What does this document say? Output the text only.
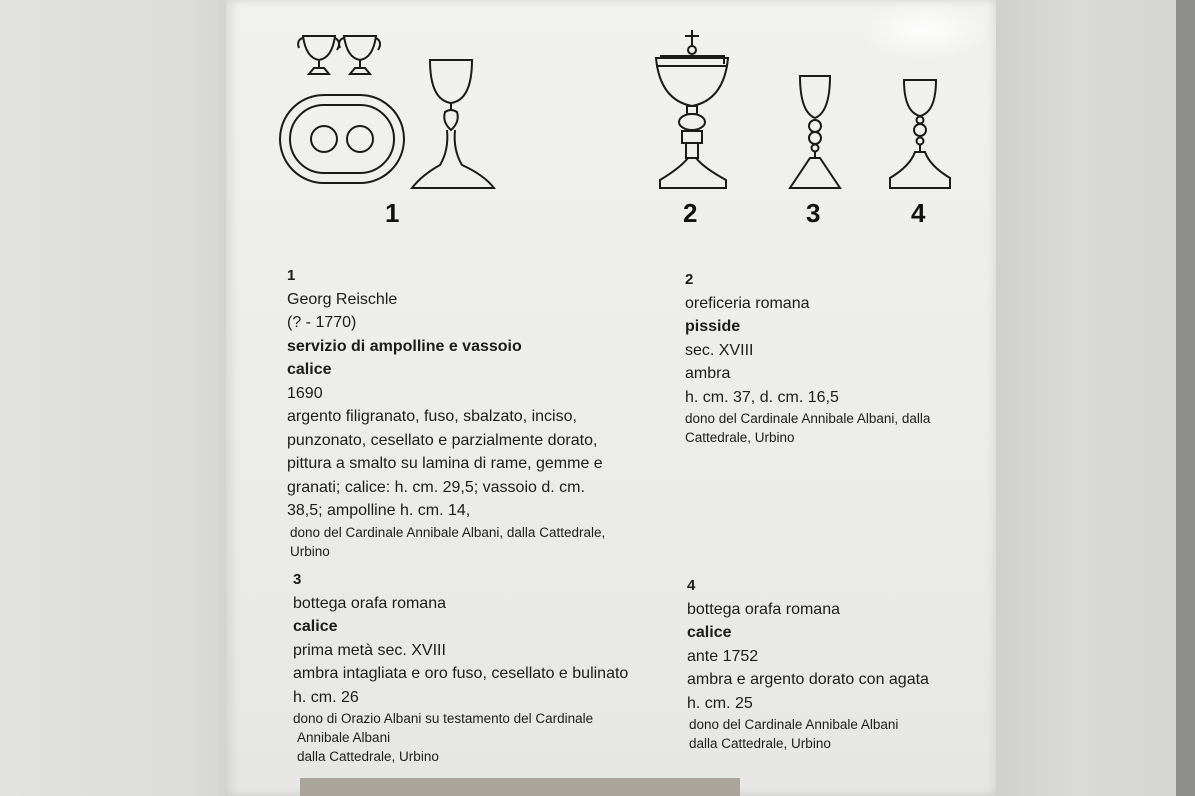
1	2	3	4
1
Georg Reischle
(? - 1770)
servizio di ampolline e vassoio
calice
1690
argento filigranato, fuso, sbalzato, inciso,
punzonato, cesellato e parzialmente dorato,
pittura a smalto su lamina di rame, gemme e
granati; calice: h. cm. 29,5; vassoio d. cm.
38,5; ampolline h. cm. 14,
dono del Cardinale Annibale Albani, dalla Cattedrale,
Urbino
2
oreficeria romana
pisside
sec. XVIII
ambra
h. cm. 37, d. cm. 16,5
dono del Cardinale Annibale Albani, dalla
Cattedrale, Urbino
3
bottega orafa romana
calice
prima metà sec. XVIII
ambra intagliata e oro fuso, cesellato e bulinato
h. cm. 26
dono di Orazio Albani su testamento del Cardinale
Annibale Albani
dalla Cattedrale, Urbino
4
bottega orafa romana
calice
ante 1752
ambra e argento dorato con agata
h. cm. 25
dono del Cardinale Annibale Albani
dalla Cattedrale, Urbino
